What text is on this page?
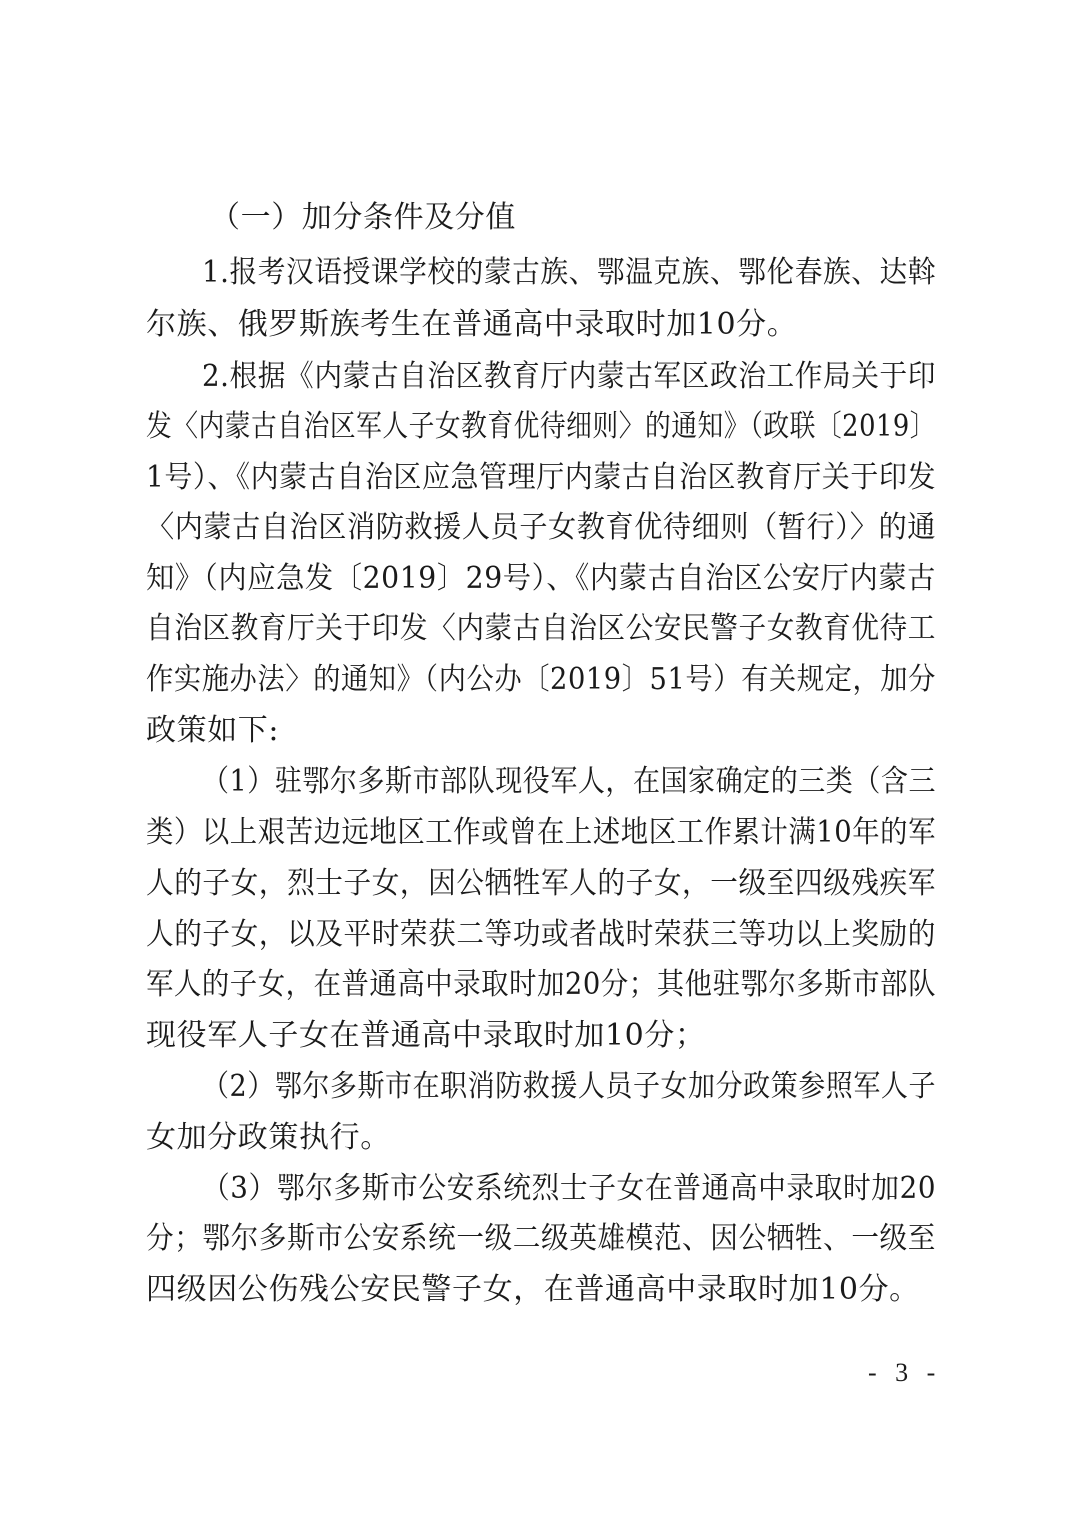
（一）加分条件及分值
1.报考汉语授课学校的蒙古族、鄂温克族、鄂伦春族、达斡
尔族、俄罗斯族考生在普通高中录取时加10分。
2.根据《内蒙古自治区教育厅内蒙古军区政治工作局关于印
发〈内蒙古自治区军人子女教育优待细则〉的通知》（政联〔2019〕
1号）、《内蒙古自治区应急管理厅内蒙古自治区教育厅关于印发
〈内蒙古自治区消防救援人员子女教育优待细则（暂行）〉的通
知》（内应急发〔2019〕29号）、《内蒙古自治区公安厅内蒙古
自治区教育厅关于印发〈内蒙古自治区公安民警子女教育优待工
作实施办法〉的通知》（内公办〔2019〕51号）有关规定，加分
政策如下:
（1）驻鄂尔多斯市部队现役军人，在国家确定的三类（含三
类）以上艰苦边远地区工作或曾在上述地区工作累计满10年的军
人的子女，烈士子女，因公牺牲军人的子女，一级至四级残疾军
人的子女，以及平时荣获二等功或者战时荣获三等功以上奖励的
军人的子女，在普通高中录取时加20分；其他驻鄂尔多斯市部队
现役军人子女在普通高中录取时加10分；
（2）鄂尔多斯市在职消防救援人员子女加分政策参照军人子
女加分政策执行。
（3）鄂尔多斯市公安系统烈士子女在普通高中录取时加20
分；鄂尔多斯市公安系统一级二级英雄模范、因公牺牲、一级至
四级因公伤残公安民警子女，在普通高中录取时加10分。
- 3 -
